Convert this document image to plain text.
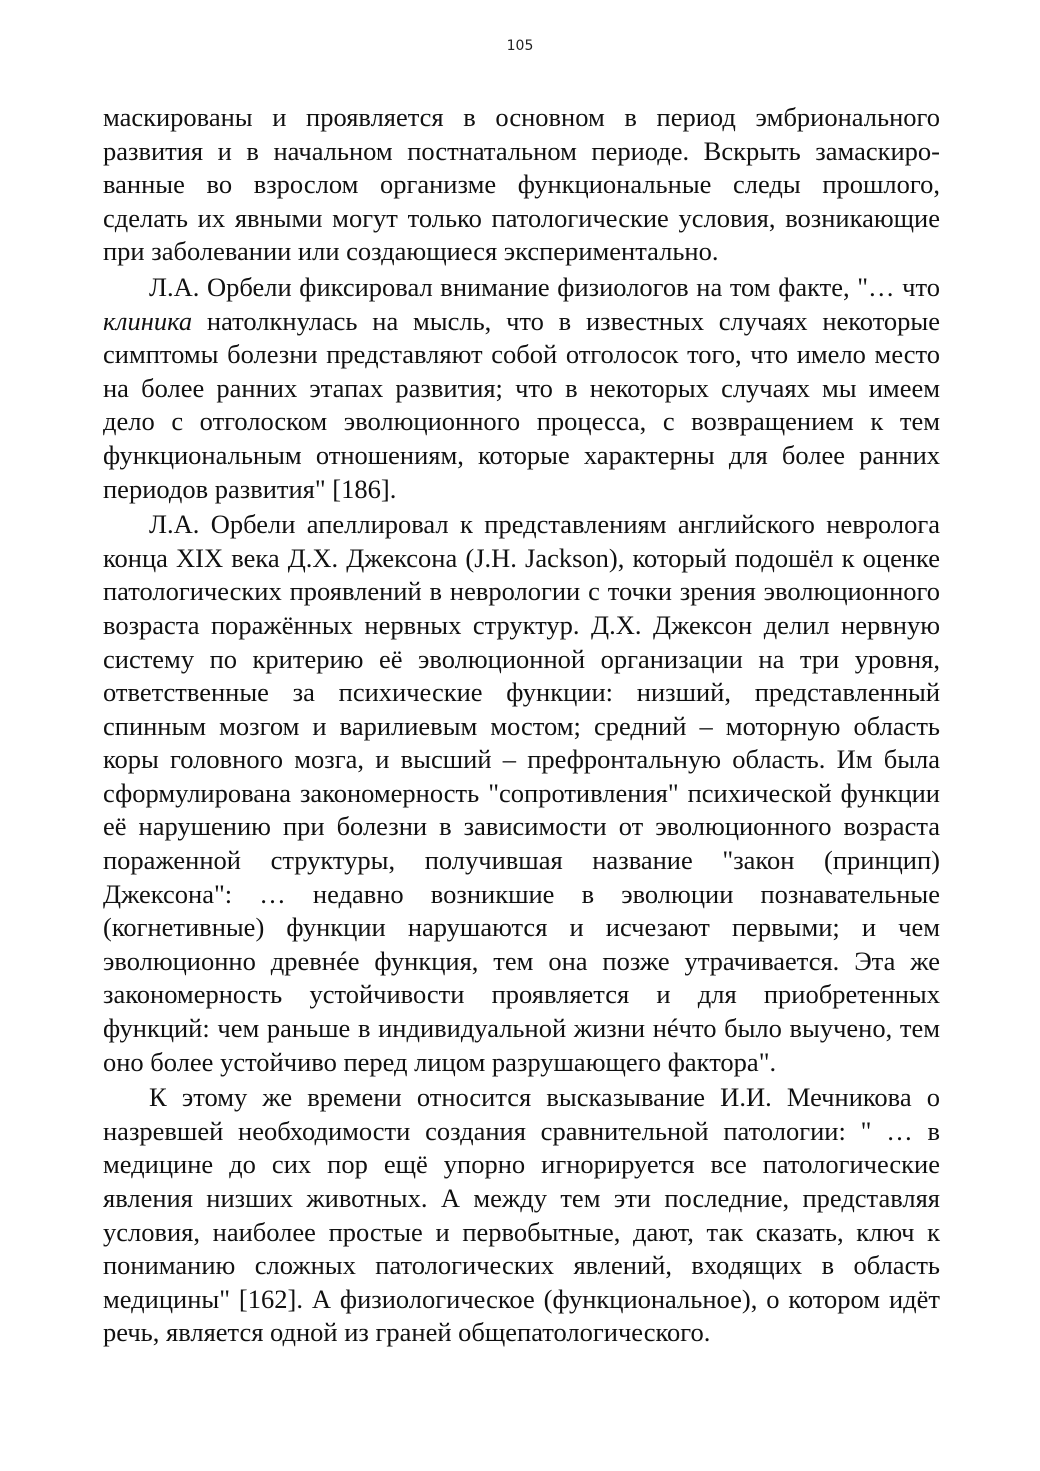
105

маскированы и проявляется в основном в период эмбрионального развития и в начальном постнатальном периоде. Вскрыть замаскированные во взрослом организме функциональные следы прошлого, сделать их явными могут только патологические условия, возникающие при заболевании или создающиеся экспериментально.

Л.А. Орбели фиксировал внимание физиологов на том факте, "… что клиника натолкнулась на мысль, что в известных случаях некоторые симптомы болезни представляют собой отголосок того, что имело место на более ранних этапах развития; что в некоторых случаях мы имеем дело с отголоском эволюционного процесса, с возвращением к тем функциональным отношениям, которые характерны для более ранних периодов развития" [186].

Л.А. Орбели апеллировал к представлениям английского невролога конца XIX века Д.Х. Джексона (J.H. Jackson), который подошёл к оценке патологических проявлений в неврологии с точки зрения эволюционного возраста поражённых нервных структур. Д.Х. Джексон делил нервную систему по критерию её эволюционной организации на три уровня, ответственные за психические функции: низший, представленный спинным мозгом и варилиевым мостом; средний – моторную область коры головного мозга, и высший – префронтальную область. Им была сформулирована закономерность "сопротивления" психической функции её нарушению при болезни в зависимости от эволюционного возраста пораженной структуры, получившая название "закон (принцип) Джексона": … недавно возникшие в эволюции познавательные (когнетивные) функции нарушаются и исчезают первыми; и чем эволюционно древнéе функция, тем она позже утрачивается. Эта же закономерность устойчивости проявляется и для приобретенных функций: чем раньше в индивидуальной жизни нéчто было выучено, тем оно более устойчиво перед лицом разрушающего фактора".

К этому же времени относится высказывание И.И. Мечникова о назревшей необходимости создания сравнительной патологии: " … в медицине до сих пор ещё упорно игнорируется все патологические явления низших животных. А между тем эти последние, представляя условия, наиболее простые и первобытные, дают, так сказать, ключ к пониманию сложных патологических явлений, входящих в область медицины" [162]. А физиологическое (функциональное), о котором идёт речь, является одной из граней общепатологического.
